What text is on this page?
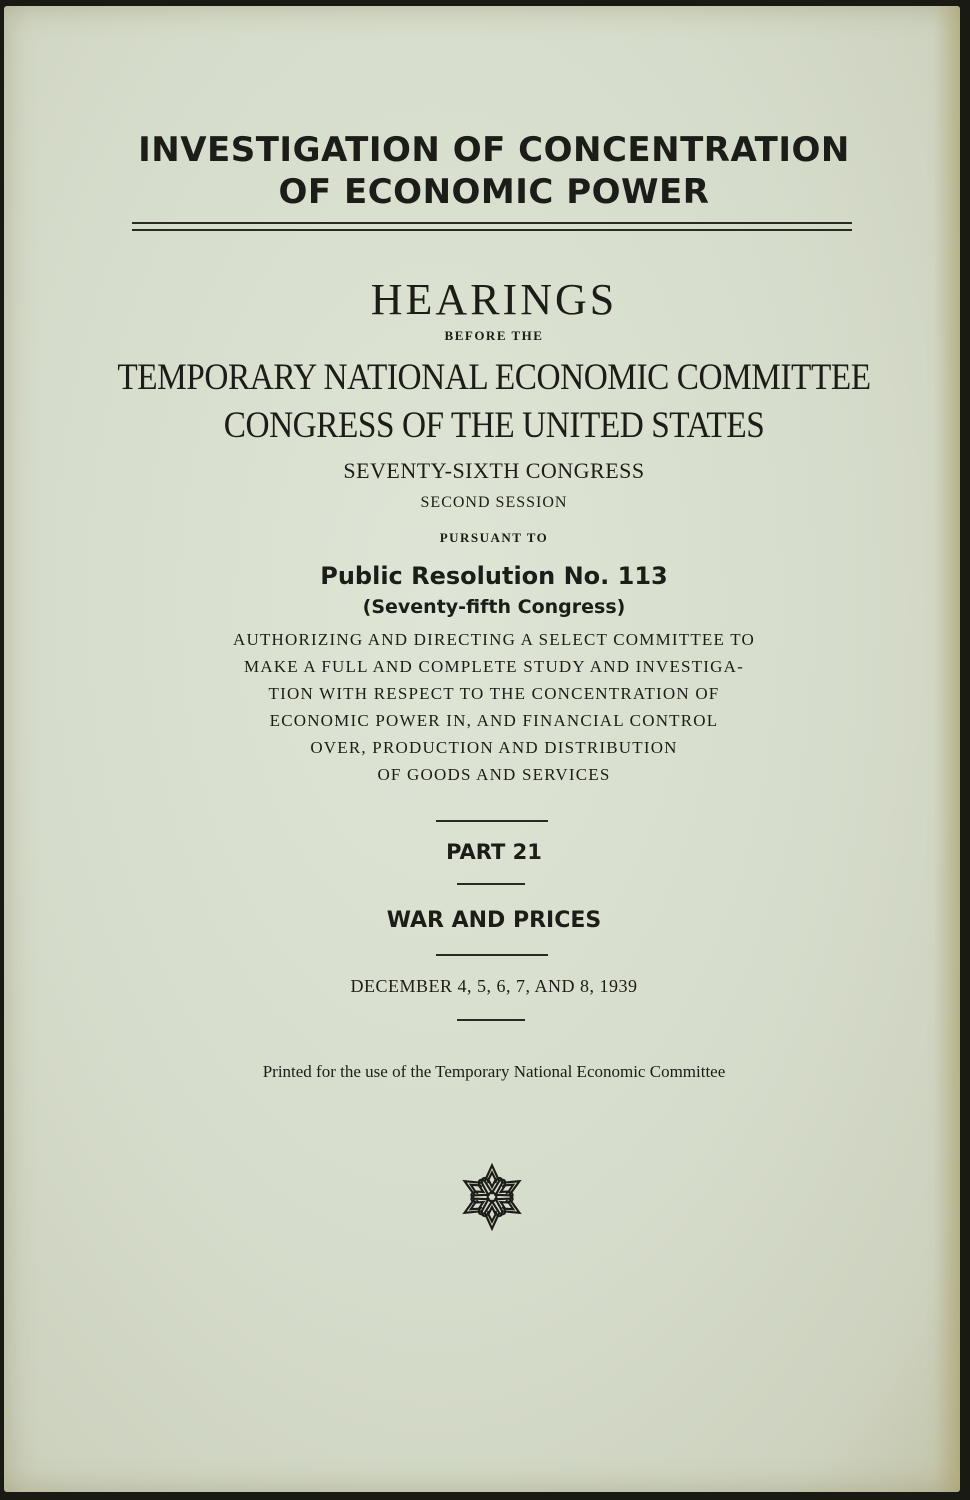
INVESTIGATION OF CONCENTRATION
OF ECONOMIC POWER
HEARINGS
BEFORE THE
TEMPORARY NATIONAL ECONOMIC COMMITTEE
CONGRESS OF THE UNITED STATES
SEVENTY-SIXTH CONGRESS
SECOND SESSION
PURSUANT TO
Public Resolution No. 113
(Seventy-fifth Congress)
AUTHORIZING AND DIRECTING A SELECT COMMITTEE TO
MAKE A FULL AND COMPLETE STUDY AND INVESTIGA-
TION WITH RESPECT TO THE CONCENTRATION OF
ECONOMIC POWER IN, AND FINANCIAL CONTROL
OVER, PRODUCTION AND DISTRIBUTION
OF GOODS AND SERVICES
PART 21
WAR AND PRICES
DECEMBER 4, 5, 6, 7, AND 8, 1939
Printed for the use of the Temporary National Economic Committee
